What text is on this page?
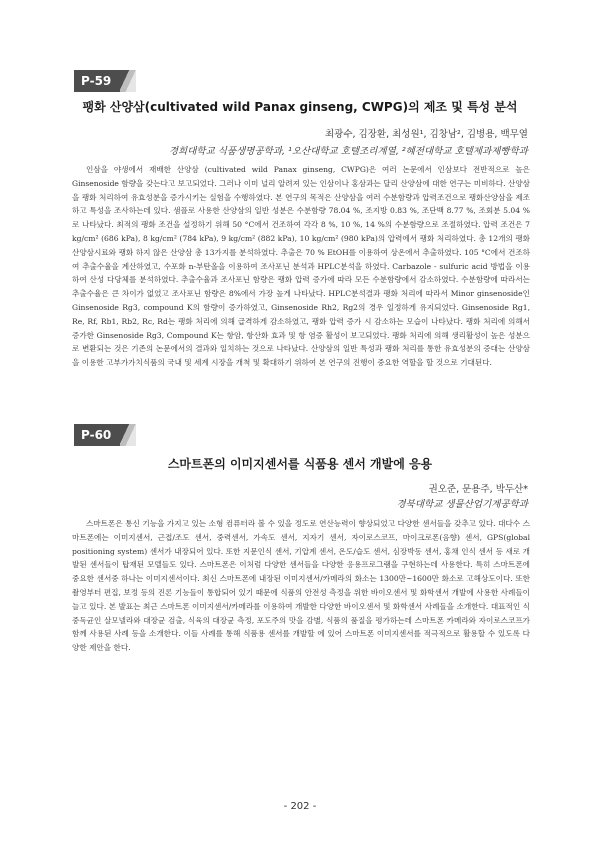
P-59
팽화 산양삼(cultivated wild Panax ginseng, CWPG)의 제조 및 특성 분석
최광수, 김장환, 최성원¹, 김창남², 김병용, 백무열
경희대학교 식품생명공학과, ¹오산대학교 호텔조리계열, ²혜전대학교 호텔제과제빵학과

인삼을 야생에서 재배한 산양삼 (cultivated wild Panax ginseng, CWPG)은 여러 논문에서 인삼보다 전반적으로 높은 Ginsenoside 함량을 갖는다고 보고되었다. 그러나 이미 널리 알려져 있는 인삼이나 홍삼과는 달리 산양삼에 대한 연구는 미비하다. 산양삼을 팽화 처리하여 유효성분을 증가시키는 실험을 수행하였다. 본 연구의 목적은 산양삼을 여러 수분함량과 압력조건으로 팽화산양삼을 제조하고 특성을 조사하는데 있다. 샘플로 사용한 산양삼의 일반 성분은 수분함량 78.04 %, 조지방 0.83 %, 조단백 8.77 %, 조회분 5.04 %로 나타났다. 최적의 팽화 조건을 설정하기 위해 50 °C에서 건조하여 각각 8 %, 10 %, 14 %의 수분함량으로 조절하였다. 압력 조건은 7 kg/cm² (686 kPa), 8 kg/cm² (784 kPa), 9 kg/cm² (882 kPa), 10 kg/cm² (980 kPa)의 압력에서 팽화 처리하였다. 총 12개의 팽화 산양삼시료와 팽화 하지 않은 산양삼 총 13가지를 분석하였다. 추출은 70 % EtOH를 이용하여 상온에서 추출하였다. 105 °C에서 건조하여 추출수율을 계산하였고, 수포화 n-부탄올을 이용하여 조사포닌 분석과 HPLC분석을 하였다. Carbazole - sulfuric acid 방법을 이용하여 산성 다당체를 분석하였다. 추출수율과 조사포닌 함량은 팽화 압력 증가에 따라 모든 수분함량에서 감소하였다. 수분함량에 따라서는 추출수율은 큰 차이가 없었고 조사포닌 함량은 8%에서 가장 높게 나타났다. HPLC분석결과 팽화 처리에 따라서 Minor ginsenoside인 Ginsenoside Rg3, compound K의 함량이 증가하였고, Ginsenoside Rh2, Rg2의 경우 일정하게 유지되었다. Ginsenoside Rg1, Re, Rf, Rb1, Rb2, Rc, Rd는 팽화 처리에 의해 급격하게 감소하였고, 팽화 압력 증가 시 감소하는 모습이 나타났다. 팽화 처리에 의해서 증가한 Ginsenoside Rg3, Compound K는 항암, 항산화 효과 및 항 염증 활성이 보고되었다. 팽화 처리에 의해 생리활성이 높은 성분으로 변환되는 것은 기존의 논문에서의 결과와 일치하는 것으로 나타났다. 산양삼의 일반 특성과 팽화 처리를 통한 유효성분의 증대는 산양삼을 이용한 고부가가치식품의 국내 및 세계 시장을 개척 및 확대하기 위하여 본 연구의 진행이 중요한 역할을 할 것으로 기대된다.

P-60
스마트폰의 이미지센서를 식품용 센서 개발에 응용
권오준, 문용주, 박두산*
경북대학교 생물산업기계공학과

스마트폰은 통신 기능을 가지고 있는 소형 컴퓨터라 볼 수 있을 정도로 연산능력이 향상되었고 다양한 센서들을 갖추고 있다. 대다수 스마트폰에는 이미지센서, 근접/조도 센서, 중력센서, 가속도 센서, 지자기 센서, 자이로스코프, 마이크로폰(음향) 센서, GPS(global positioning system) 센서가 내장되어 있다. 또한 지문인식 센서, 기압계 센서, 온도/습도 센서, 심장박동 센서, 홍채 인식 센서 등 새로 개발된 센서들이 탑재된 모델들도 있다. 스마트폰은 이처럼 다양한 센서들을 다양한 응용프로그램을 구현하는데 사용한다. 특히 스마트폰에 중요한 센서중 하나는 이미지센서이다. 최신 스마트폰에 내장된 이미지센서/카메라의 화소는 1300만~1600만 화소로 고해상도이다. 또한 촬영부터 편집, 보정 등의 진론 기능들이 통합되어 있기 때문에 식품의 안전성 측정을 위한 바이오센서 및 화학센서 개발에 사용한 사례들이 늘고 있다. 본 발표는 최근 스마트폰 이미지센서/카메라를 이용하여 개발한 다양한 바이오센서 및 화학센서 사례들을 소개한다. 대표적인 식중독균인 살모넬라와 대장균 검출, 식육의 대장균 측정, 포도주의 맛을 감별, 식품의 품질을 평가하는데 스마트폰 카메라와 자이로스코프가 함께 사용된 사례 등을 소개한다. 이들 사례를 통해 식품용 센서를 개발할 에 있어 스마트폰 이미지센서를 적극적으로 활용할 수 있도록 다양한 제안을 한다.

- 202 -
